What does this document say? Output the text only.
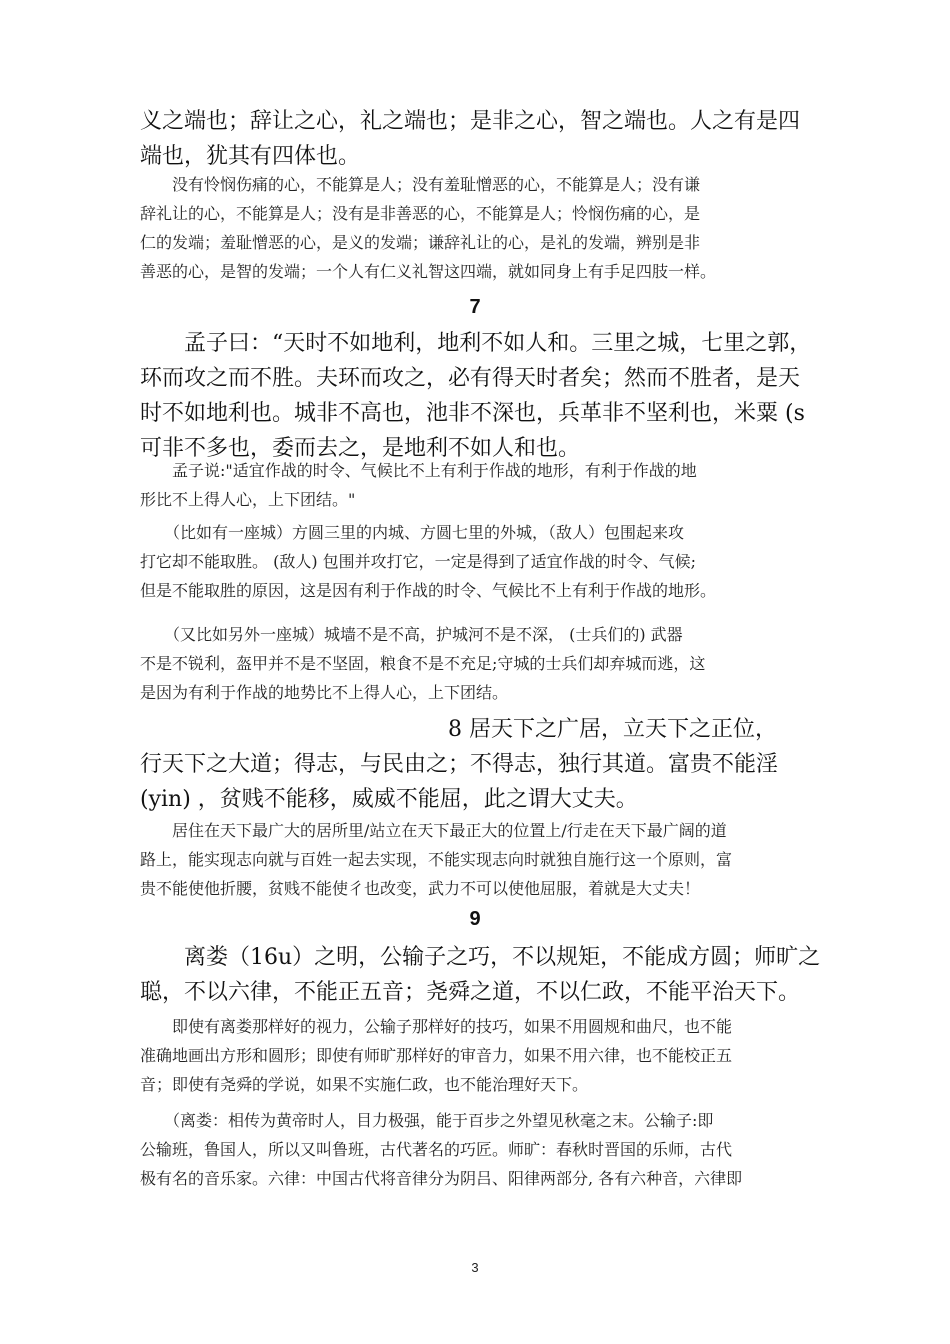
义之端也；辞让之心，礼之端也；是非之心，智之端也。人之有是四
端也，犹其有四体也。
　　没有怜悯伤痛的心，不能算是人；没有羞耻憎恶的心，不能算是人；没有谦
辞礼让的心，不能算是人；没有是非善恶的心，不能算是人；怜悯伤痛的心，是
仁的发端；羞耻憎恶的心，是义的发端；谦辞礼让的心，是礼的发端，辨别是非
善恶的心，是智的发端；一个人有仁义礼智这四端，就如同身上有手足四肢一样。
7
　　孟子曰：“天时不如地利，地利不如人和。三里之城，七里之郭，
环而攻之而不胜。夫环而攻之，必有得天时者矣；然而不胜者，是天
时不如地利也。城非不高也，池非不深也，兵革非不坚利也，米粟 (s
可非不多也，委而去之，是地利不如人和也。
　　孟子说:"适宜作战的时令、气候比不上有利于作战的地形，有利于作战的地
形比不上得人心，上下团结。"
　　（比如有一座城）方圆三里的内城、方圆七里的外城，（敌人）包围起来攻
打它却不能取胜。 (敌人) 包围并攻打它，一定是得到了适宜作战的时令、气候;
但是不能取胜的原因，这是因有利于作战的时令、气候比不上有利于作战的地形。
　　（又比如另外一座城）城墙不是不高，护城河不是不深， (士兵们的) 武器
不是不锐利，盔甲并不是不坚固，粮食不是不充足;守城的士兵们却弃城而逃，这
是因为有利于作战的地势比不上得人心，上下团结。
　　　　　　　　　　　　　　8 居天下之广居，立天下之正位，
行天下之大道；得志，与民由之；不得志，独行其道。富贵不能淫
(yin) ，贫贱不能移，威威不能屈，此之谓大丈夫。
　　居住在天下最广大的居所里/站立在天下最正大的位置上/行走在天下最广阔的道
路上，能实现志向就与百姓一起去实现，不能实现志向时就独自施行这一个原则，富
贵不能使他折腰，贫贱不能使彳也改变，武力不可以使他屈服，着就是大丈夫！
9
　　离娄（16u）之明，公输子之巧，不以规矩，不能成方圆；师旷之
聪，不以六律，不能正五音；尧舜之道，不以仁政，不能平治天下。
　　即使有离娄那样好的视力，公输子那样好的技巧，如果不用圆规和曲尺，也不能
准确地画出方形和圆形；即使有师旷那样好的审音力，如果不用六律，也不能校正五
音；即使有尧舜的学说，如果不实施仁政，也不能治理好天下。
　　（离娄：相传为黄帝时人，目力极强，能于百步之外望见秋毫之末。公输子:即
公输班，鲁国人，所以又叫鲁班，古代著名的巧匠。师旷：春秋时晋国的乐师，古代
极有名的音乐家。六律：中国古代将音律分为阴吕、阳律两部分, 各有六种音，六律即
3
